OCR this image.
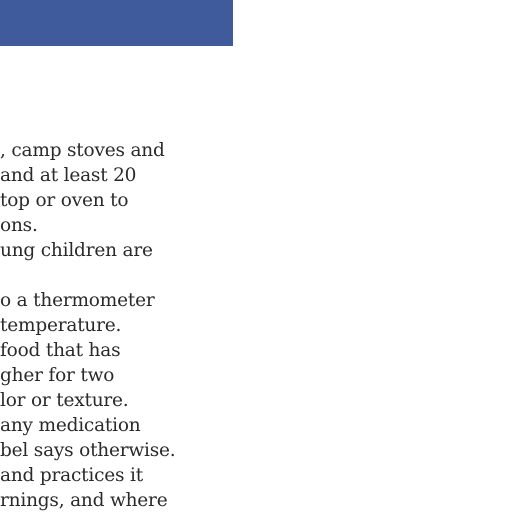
, camp stoves and
and at least 20
top or oven to
ons.
ung children are
o a thermometer
temperature.
food that has
gher for two
lor or texture.
any medication
bel says otherwise.
and practices it
rnings, and where
